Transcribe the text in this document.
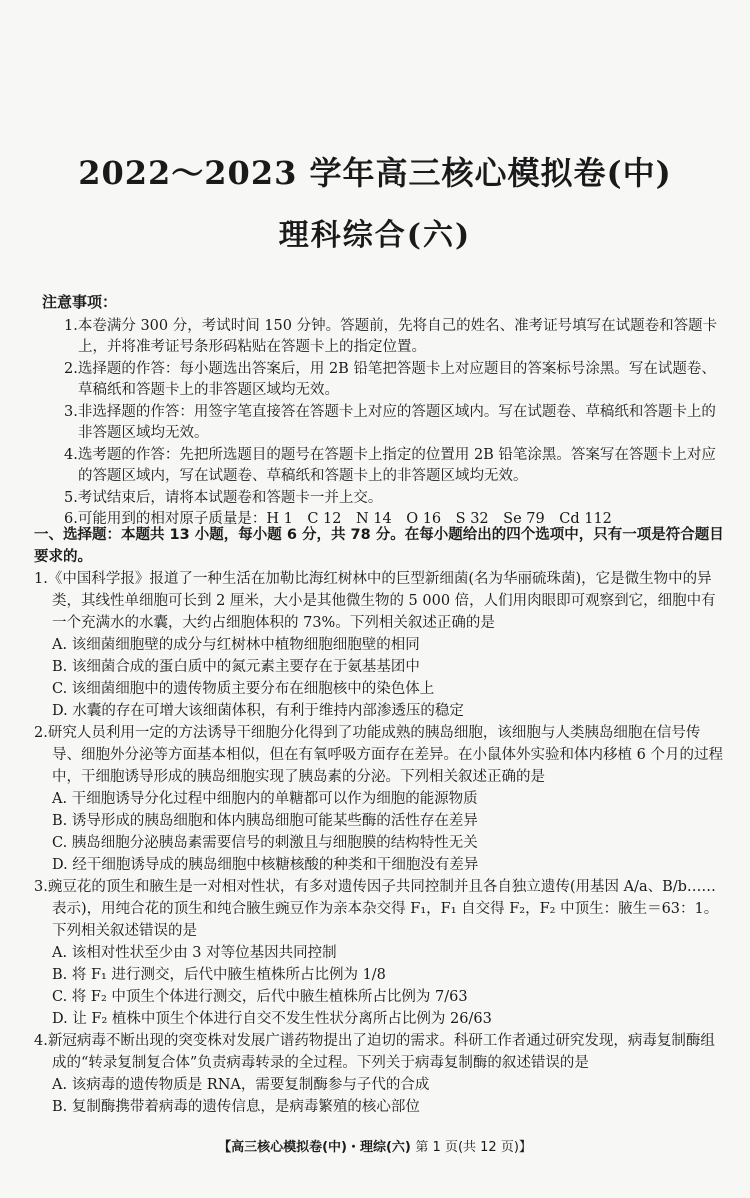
2022～2023 学年高三核心模拟卷(中)
理科综合(六)
注意事项：
1.本卷满分 300 分，考试时间 150 分钟。答题前，先将自己的姓名、准考证号填写在试题卷和答题卡上，并将准考证号条形码粘贴在答题卡上的指定位置。
2.选择题的作答：每小题选出答案后，用 2B 铅笔把答题卡上对应题目的答案标号涂黑。写在试题卷、草稿纸和答题卡上的非答题区域均无效。
3.非选择题的作答：用签字笔直接答在答题卡上对应的答题区域内。写在试题卷、草稿纸和答题卡上的非答题区域均无效。
4.选考题的作答：先把所选题目的题号在答题卡上指定的位置用 2B 铅笔涂黑。答案写在答题卡上对应的答题区域内，写在试题卷、草稿纸和答题卡上的非答题区域均无效。
5.考试结束后，请将本试题卷和答题卡一并上交。
6.可能用到的相对原子质量是：H 1　C 12　N 14　O 16　S 32　Se 79　Cd 112
一、选择题：本题共 13 小题，每小题 6 分，共 78 分。在每小题给出的四个选项中，只有一项是符合题目要求的。
1.《中国科学报》报道了一种生活在加勒比海红树林中的巨型新细菌(名为华丽硫珠菌)，它是微生物中的异类，其线性单细胞可长到 2 厘米，大小是其他微生物的 5 000 倍，人们用肉眼即可观察到它，细胞中有一个充满水的水囊，大约占细胞体积的 73%。下列相关叙述正确的是
A. 该细菌细胞壁的成分与红树林中植物细胞细胞壁的相同
B. 该细菌合成的蛋白质中的氮元素主要存在于氨基基团中
C. 该细菌细胞中的遗传物质主要分布在细胞核中的染色体上
D. 水囊的存在可增大该细菌体积，有利于维持内部渗透压的稳定
2.研究人员利用一定的方法诱导干细胞分化得到了功能成熟的胰岛细胞，该细胞与人类胰岛细胞在信号传导、细胞外分泌等方面基本相似，但在有氧呼吸方面存在差异。在小鼠体外实验和体内移植 6 个月的过程中，干细胞诱导形成的胰岛细胞实现了胰岛素的分泌。下列相关叙述正确的是
A. 干细胞诱导分化过程中细胞内的单糖都可以作为细胞的能源物质
B. 诱导形成的胰岛细胞和体内胰岛细胞可能某些酶的活性存在差异
C. 胰岛细胞分泌胰岛素需要信号的刺激且与细胞膜的结构特性无关
D. 经干细胞诱导成的胰岛细胞中核糖核酸的种类和干细胞没有差异
3.豌豆花的顶生和腋生是一对相对性状，有多对遗传因子共同控制并且各自独立遗传(用基因 A/a、B/b……表示)，用纯合花的顶生和纯合腋生豌豆作为亲本杂交得 F₁，F₁ 自交得 F₂，F₂ 中顶生：腋生＝63：1。下列相关叙述错误的是
A. 该相对性状至少由 3 对等位基因共同控制
B. 将 F₁ 进行测交，后代中腋生植株所占比例为 1/8
C. 将 F₂ 中顶生个体进行测交，后代中腋生植株所占比例为 7/63
D. 让 F₂ 植株中顶生个体进行自交不发生性状分离所占比例为 26/63
4.新冠病毒不断出现的突变株对发展广谱药物提出了迫切的需求。科研工作者通过研究发现，病毒复制酶组成的“转录复制复合体”负责病毒转录的全过程。下列关于病毒复制酶的叙述错误的是
A. 该病毒的遗传物质是 RNA，需要复制酶参与子代的合成
B. 复制酶携带着病毒的遗传信息，是病毒繁殖的核心部位
【高三核心模拟卷(中)・理综(六) 第 1 页(共 12 页)】
